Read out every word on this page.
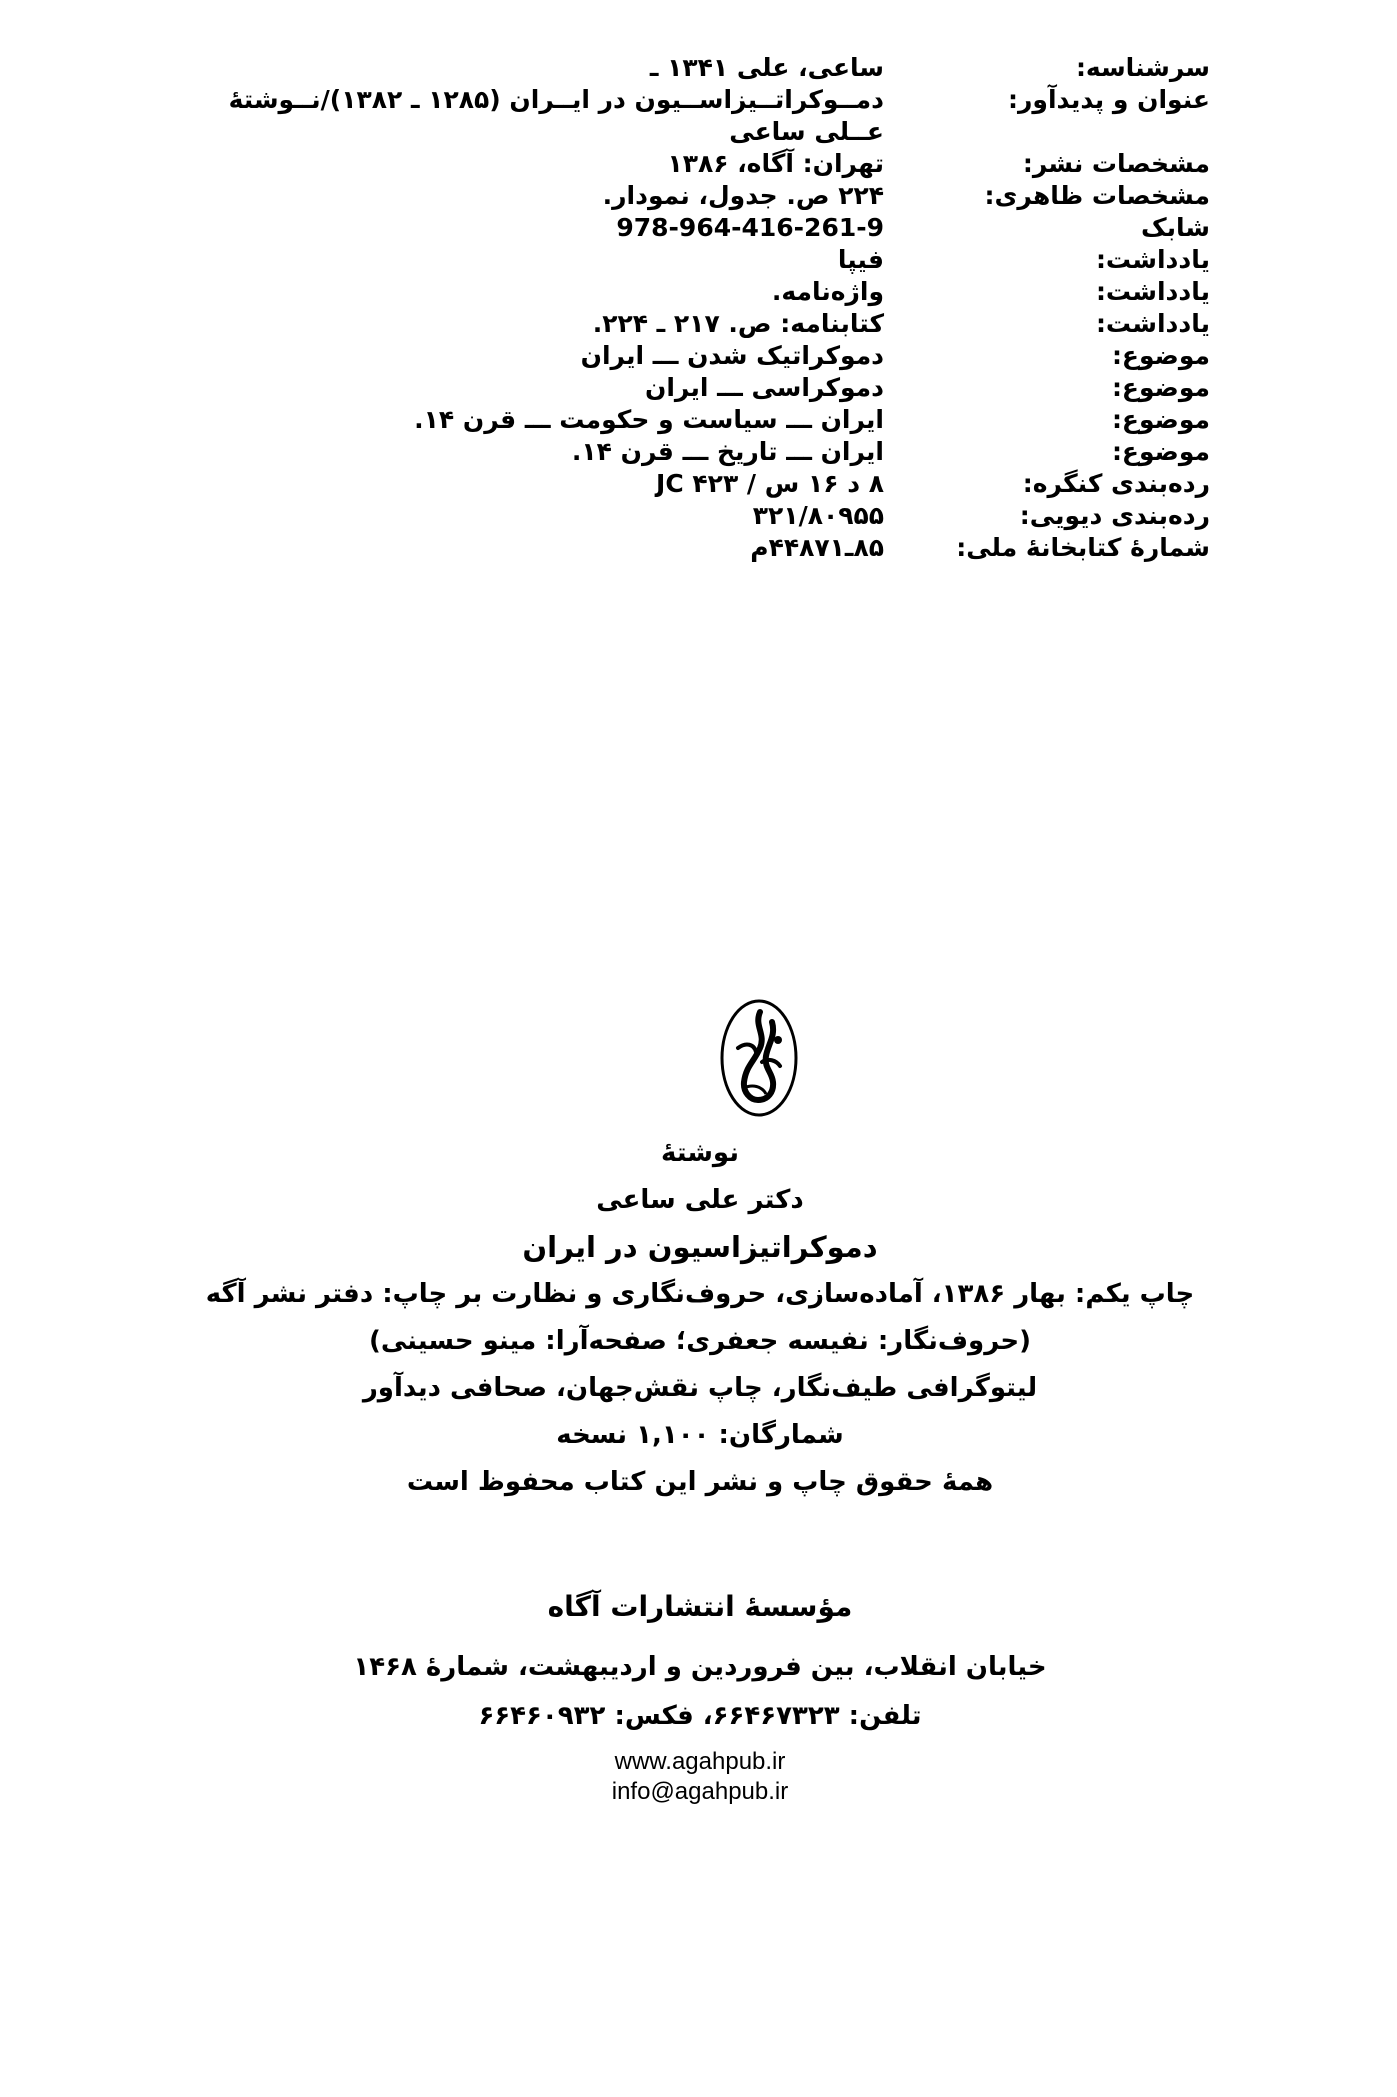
سرشناسه:
ساعی، علی ۱۳۴۱ ـ
عنوان و پدیدآور:
دمــوکراتــیزاســیون در ایــران (۱۲۸۵ ـ ۱۳۸۲)/نــوشتهٔ عــلی ساعی
مشخصات نشر:
تهران: آگاه، ۱۳۸۶
مشخصات ظاهری:
۲۲۴ ص. جدول، نمودار.
شابک
978-964-416-261-9
یادداشت:
فیپا
یادداشت:
واژه‌نامه.
یادداشت:
کتابنامه: ص. ۲۱۷ ـ ۲۲۴.
موضوع:
دموکراتیک شدن ـــ ایران
موضوع:
دموکراسی ـــ ایران
موضوع:
ایران ـــ سیاست و حکومت ـــ قرن ۱۴.
موضوع:
ایران ـــ تاریخ ـــ قرن ۱۴.
رده‌بندی کنگره:
۸ د ۱۶ س / ۴۲۳ JC
رده‌بندی دیویی:
۳۲۱/۸۰۹۵۵
شمارهٔ کتابخانهٔ ملی:
۸۵ـ۴۴۸۷۱م
نوشتهٔ
دکتر علی ساعی
دموکراتیزاسیون در ایران
چاپ یکم: بهار ۱۳۸۶، آماده‌سازی، حروف‌نگاری و نظارت بر چاپ: دفتر نشر آگه
(حروف‌نگار: نفیسه جعفری؛ صفحه‌آرا: مینو حسینی)
لیتوگرافی طیف‌نگار، چاپ نقش‌جهان، صحافی دیدآور
شمارگان: ۱,۱۰۰ نسخه
همهٔ حقوق چاپ و نشر این کتاب محفوظ است
مؤسسهٔ انتشارات آگاه
خیابان انقلاب، بین فروردین و اردیبهشت، شمارهٔ ۱۴۶۸
تلفن: ۶۶۴۶۷۳۲۳، فکس: ۶۶۴۶۰۹۳۲
www.agahpub.ir
info@agahpub.ir
